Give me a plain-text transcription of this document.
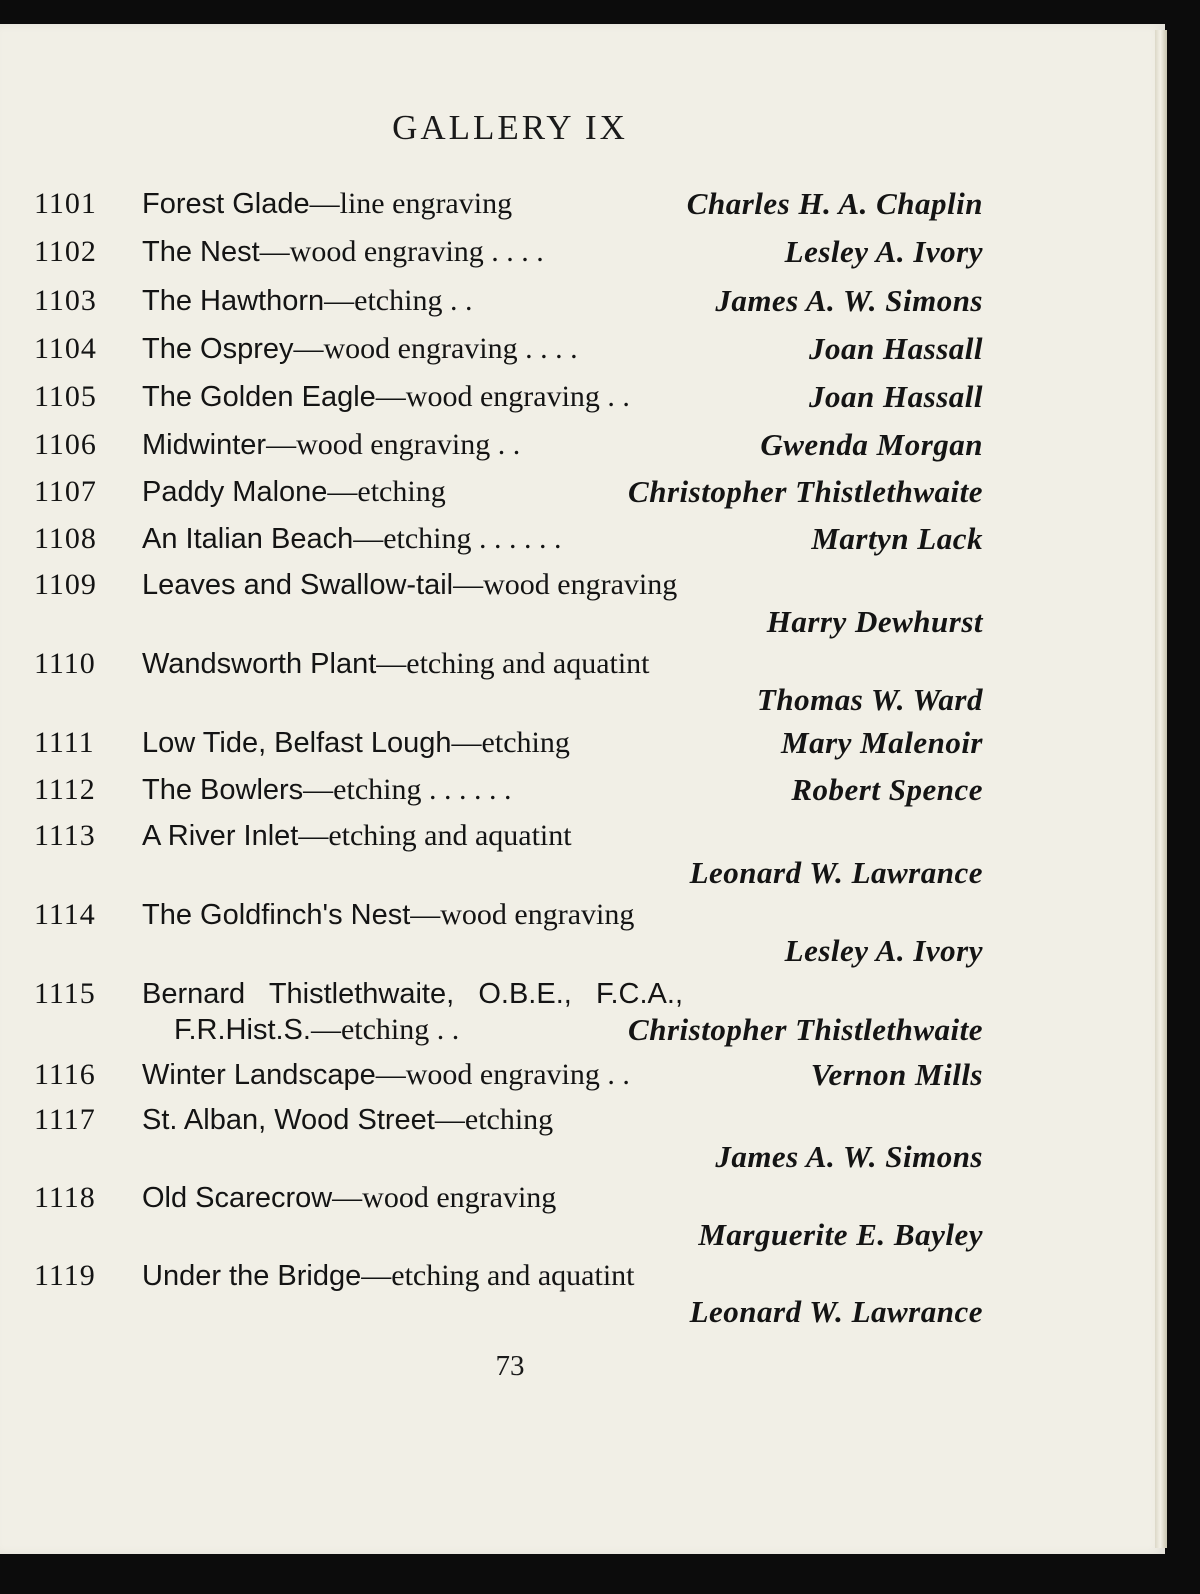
GALLERY IX
1101	Forest Glade—line engraving	Charles H. A. Chaplin
1102	The Nest—wood engraving . . . .	Lesley A. Ivory
1103	The Hawthorn—etching . .	James A. W. Simons
1104	The Osprey—wood engraving . . . .	Joan Hassall
1105	The Golden Eagle—wood engraving . .	Joan Hassall
1106	Midwinter—wood engraving . .	Gwenda Morgan
1107	Paddy Malone—etching	Christopher Thistlethwaite
1108	An Italian Beach—etching . . . . . .	Martyn Lack
1109	Leaves and Swallow-tail—wood engraving
Harry Dewhurst
1110	Wandsworth Plant—etching and aquatint
Thomas W. Ward
1111	Low Tide, Belfast Lough—etching	Mary Malenoir
1112	The Bowlers—etching . . . . . .	Robert Spence
1113	A River Inlet—etching and aquatint
Leonard W. Lawrance
1114	The Goldfinch's Nest—wood engraving
Lesley A. Ivory
1115	Bernard   Thistlethwaite,   O.B.E.,   F.C.A.,
F.R.Hist.S.—etching . .	Christopher Thistlethwaite
1116	Winter Landscape—wood engraving . .	Vernon Mills
1117	St. Alban, Wood Street—etching
James A. W. Simons
1118	Old Scarecrow—wood engraving
Marguerite E. Bayley
1119	Under the Bridge—etching and aquatint
Leonard W. Lawrance
73
